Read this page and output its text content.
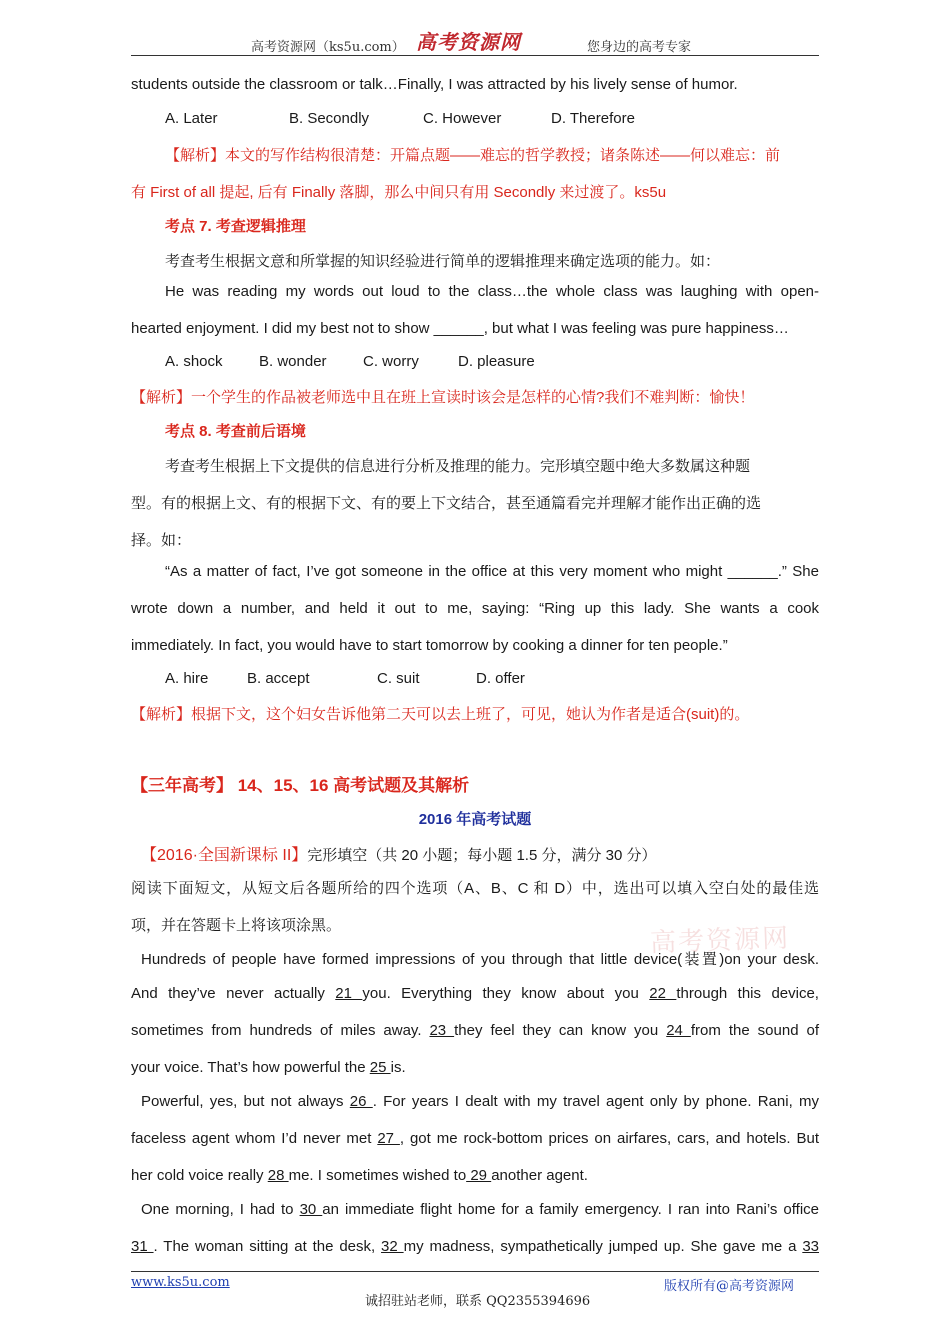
高考资源网（ks5u.com） 高考资源网	您身边的高考专家
高考资源网
students outside the classroom or talk…Finally, I was attracted by his lively sense of humor.
A. Later	B. Secondly	C. However	D. Therefore
【解析】本文的写作结构很清楚：开篇点题——难忘的哲学教授；诸条陈述——何以难忘：前
有 First of all 提起, 后有 Finally 落脚，那么中间只有用 Secondly 来过渡了。ks5u
考点 7. 考查逻辑推理
考查考生根据文意和所掌握的知识经验进行简单的逻辑推理来确定选项的能力。如：
He was reading my words out loud to the class…the whole class was laughing with open-
hearted enjoyment. I did my best not to show ______, but what I was feeling was pure happiness…
A. shock B. wonder C. worry	D. pleasure
【解析】一个学生的作品被老师选中且在班上宣读时该会是怎样的心情?我们不难判断：愉快！
考点 8. 考查前后语境
考查考生根据上下文提供的信息进行分析及推理的能力。完形填空题中绝大多数属这种题
型。有的根据上文、有的根据下文、有的要上下文结合，甚至通篇看完并理解才能作出正确的选
择。如：
“As a matter of fact, I’ve got someone in the office at this very moment who might ______.” She
wrote down a number, and held it out to me, saying: “Ring up this lady. She wants a cook
immediately. In fact, you would have to start tomorrow by cooking a dinner for ten people.”
A. hire	B. accept	C. suit	D. offer
【解析】根据下文，这个妇女告诉他第二天可以去上班了，可见，她认为作者是适合(suit)的。
【三年高考】 14、15、16 高考试题及其解析
2016 年高考试题
【2016·全国新课标 II】完形填空（共 20 小题；每小题 1.5 分，满分 30 分）
阅读下面短文，从短文后各题所给的四个选项（A、B、C 和 D）中，选出可以填入空白处的最佳选
项，并在答题卡上将该项涂黑。
Hundreds of people have formed impressions of you through that little device(装置)on your desk.
And they’ve never actually 21 you. Everything they know about you 22 through this device,
sometimes from hundreds of miles away. 23 they feel they can know you 24 from the sound of
your voice. That’s how powerful the 25 is.
Powerful, yes, but not always 26 . For years I dealt with my travel agent only by phone. Rani, my
faceless agent whom I’d never met 27 , got me rock-bottom prices on airfares, cars, and hotels. But
her cold voice really 28 me. I sometimes wished to 29 another agent.
One morning, I had to 30 an immediate flight home for a family emergency. I ran into Rani’s office
31 . The woman sitting at the desk, 32 my madness, sympathetically jumped up. She gave me a 33
www.ks5u.com	版权所有@高考资源网
诚招驻站老师，联系 QQ2355394696
